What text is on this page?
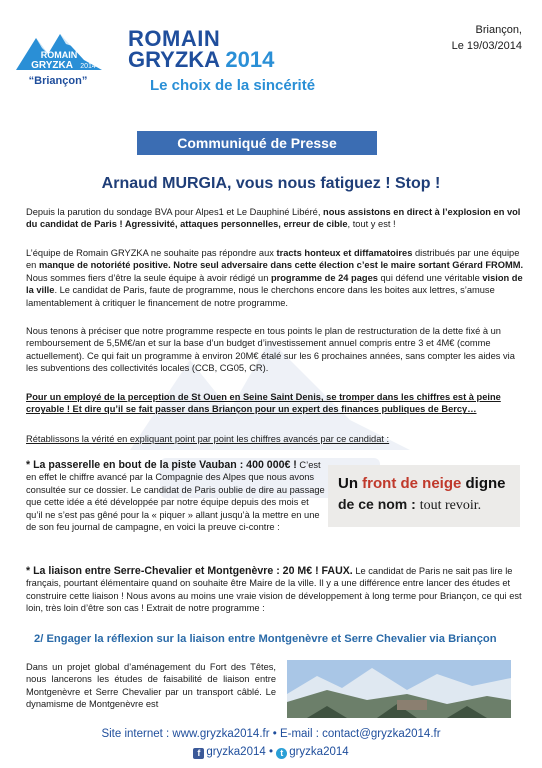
ROMAIN
GRYZKA 2014
“Briançon”
ROMAIN
GRYZKA 2014
Le choix de la sincérité
Briançon,
Le 19/03/2014
Communiqué de Presse
Arnaud MURGIA, vous nous fatiguez ! Stop !
Depuis la parution du sondage BVA pour Alpes1 et Le Dauphiné Libéré, nous assistons en direct à l’explosion en vol du candidat de Paris ! Agressivité, attaques personnelles, erreur de cible, tout y est !
L’équipe de Romain GRYZKA ne souhaite pas répondre aux tracts honteux et diffamatoires distribués par une équipe en manque de notoriété positive. Notre seul adversaire dans cette élection c’est le maire sortant Gérard FROMM. Nous sommes fiers d’être la seule équipe à avoir rédigé un programme de 24 pages qui défend une véritable vision de la ville. Le candidat de Paris, faute de programme, nous le cherchons encore dans les boites aux lettres, s’amuse lamentablement à critiquer le financement de notre programme.
Nous tenons à préciser que notre programme respecte en tous points le plan de restructuration de la dette fixé à un remboursement de 5,5M€/an et sur la base d’un budget d’investissement annuel compris entre 3 et 4M€ (comme actuellement). Ce qui fait un programme à environ 20M€ étalé sur les 6 prochaines années, sans compter les aides via les subventions des collectivités locales (CCB, CG05, CR).
Pour un employé de la perception de St Ouen en Seine Saint Denis, se tromper dans les chiffres est à peine croyable ! Et dire qu’il se fait passer dans Briançon pour un expert des finances publiques de Bercy…
Rétablissons la vérité en expliquant point par point les chiffres avancés par ce candidat :
* La passerelle en bout de la piste Vauban : 400 000€ ! C’est en effet le chiffre avancé par la Compagnie des Alpes que nous avons consultée sur ce dossier. Le candidat de Paris oublie de dire au passage que cette idée a été développée par notre équipe depuis des mois et qu’il ne s’est pas gêné pour la « piquer » allant jusqu’à la mettre en une de son feu journal de campagne, en voici la preuve ci-contre :
* La liaison entre Serre-Chevalier et Montgenèvre : 20 M€ ! FAUX. Le candidat de Paris ne sait pas lire le français, pourtant élémentaire quand on souhaite être Maire de la ville. Il y a une différence entre lancer des études et construire cette liaison ! Nous avons au moins une vraie vision de développement à long terme pour Briançon, ce qui est loin, très loin d’être son cas ! Extrait de notre programme :
Dans un projet global d’aménagement du Fort des Têtes, nous lancerons les études de faisabilité de liaison entre Montgenèvre et Serre Chevalier par un transport câblé. Le dynamisme de Montgenèvre est
Un front de neige digne
de ce nom : tout revoir.
2/ Engager la réflexion sur la liaison entre Montgenèvre et Serre Chevalier via Briançon
Site internet : www.gryzka2014.fr • E-mail : contact@gryzka2014.fr
f gryzka2014 • t gryzka2014
